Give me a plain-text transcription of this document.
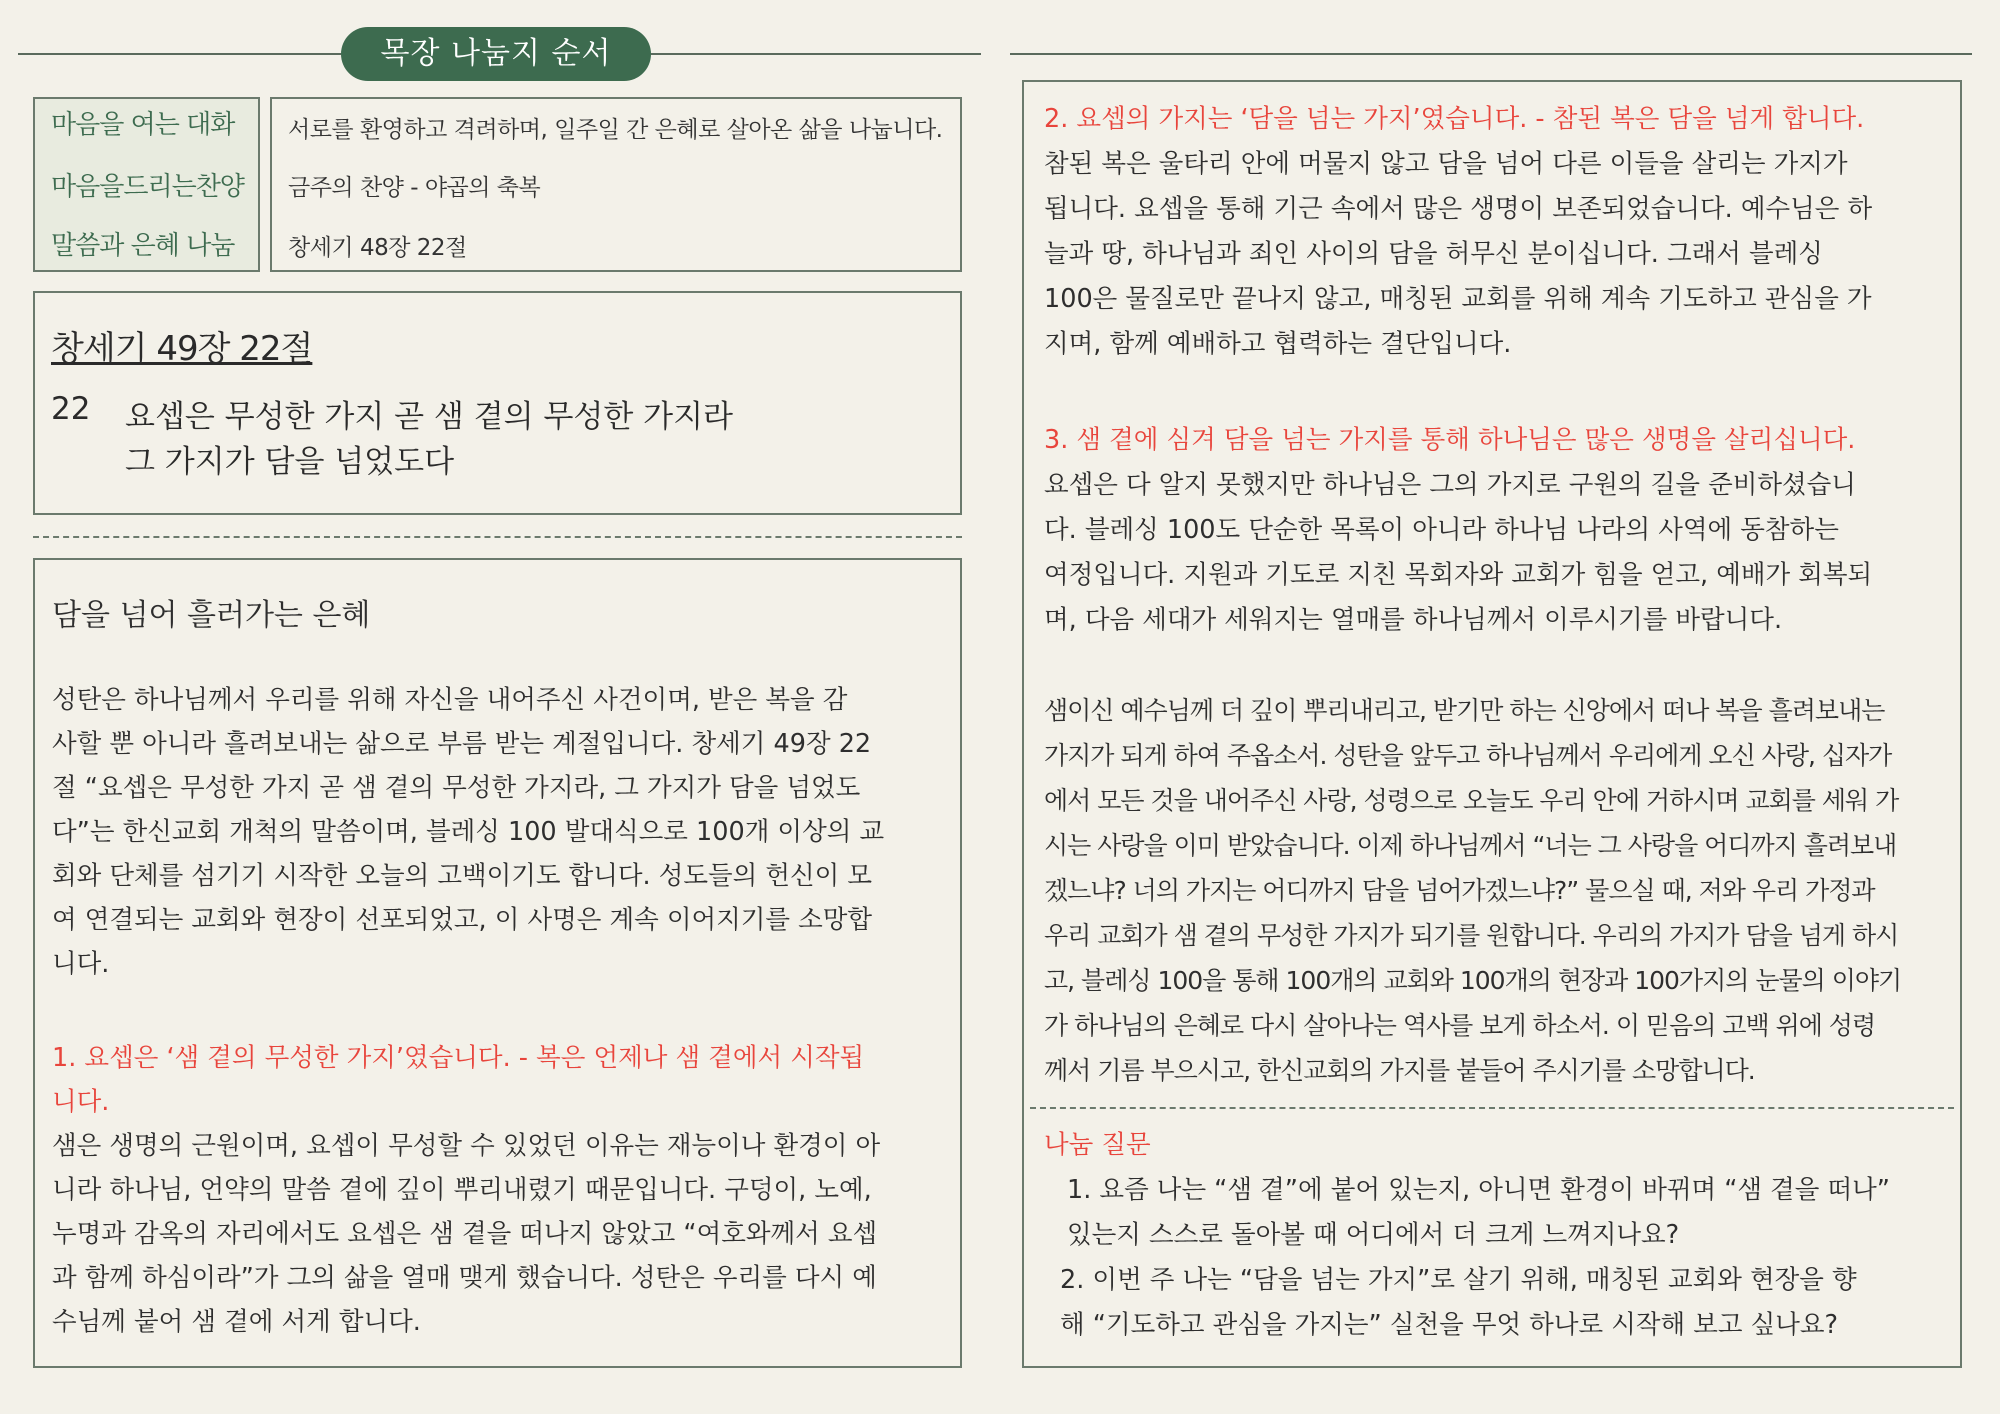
목장 나눔지 순서
마음을 여는 대화
마음을드리는찬양
말씀과 은혜 나눔
서로를 환영하고 격려하며, 일주일 간 은혜로 살아온 삶을 나눕니다.
금주의 찬양 - 야곱의 축복
창세기 48장 22절
창세기 49장 22절
22 요셉은 무성한 가지 곧 샘 곁의 무성한 가지라
그 가지가 담을 넘었도다
담을 넘어 흘러가는 은혜
성탄은 하나님께서 우리를 위해 자신을 내어주신 사건이며, 받은 복을 감
사할 뿐 아니라 흘려보내는 삶으로 부름 받는 계절입니다. 창세기 49장 22
절 “요셉은 무성한 가지 곧 샘 곁의 무성한 가지라, 그 가지가 담을 넘었도
다”는 한신교회 개척의 말씀이며, 블레싱 100 발대식으로 100개 이상의 교
회와 단체를 섬기기 시작한 오늘의 고백이기도 합니다. 성도들의 헌신이 모
여 연결되는 교회와 현장이 선포되었고, 이 사명은 계속 이어지기를 소망합
니다.
1. 요셉은 ‘샘 곁의 무성한 가지’였습니다. - 복은 언제나 샘 곁에서 시작됩
니다.
샘은 생명의 근원이며, 요셉이 무성할 수 있었던 이유는 재능이나 환경이 아
니라 하나님, 언약의 말씀 곁에 깊이 뿌리내렸기 때문입니다. 구덩이, 노예,
누명과 감옥의 자리에서도 요셉은 샘 곁을 떠나지 않았고 “여호와께서 요셉
과 함께 하심이라”가 그의 삶을 열매 맺게 했습니다. 성탄은 우리를 다시 예
수님께 붙어 샘 곁에 서게 합니다.
2. 요셉의 가지는 ‘담을 넘는 가지’였습니다. - 참된 복은 담을 넘게 합니다.
참된 복은 울타리 안에 머물지 않고 담을 넘어 다른 이들을 살리는 가지가
됩니다. 요셉을 통해 기근 속에서 많은 생명이 보존되었습니다. 예수님은 하
늘과 땅, 하나님과 죄인 사이의 담을 허무신 분이십니다. 그래서 블레싱
100은 물질로만 끝나지 않고, 매칭된 교회를 위해 계속 기도하고 관심을 가
지며, 함께 예배하고 협력하는 결단입니다.
3. 샘 곁에 심겨 담을 넘는 가지를 통해 하나님은 많은 생명을 살리십니다.
요셉은 다 알지 못했지만 하나님은 그의 가지로 구원의 길을 준비하셨습니
다. 블레싱 100도 단순한 목록이 아니라 하나님 나라의 사역에 동참하는
여정입니다. 지원과 기도로 지친 목회자와 교회가 힘을 얻고, 예배가 회복되
며, 다음 세대가 세워지는 열매를 하나님께서 이루시기를 바랍니다.
샘이신 예수님께 더 깊이 뿌리내리고, 받기만 하는 신앙에서 떠나 복을 흘려보내는
가지가 되게 하여 주옵소서. 성탄을 앞두고 하나님께서 우리에게 오신 사랑, 십자가
에서 모든 것을 내어주신 사랑, 성령으로 오늘도 우리 안에 거하시며 교회를 세워 가
시는 사랑을 이미 받았습니다. 이제 하나님께서 “너는 그 사랑을 어디까지 흘려보내
겠느냐? 너의 가지는 어디까지 담을 넘어가겠느냐?” 물으실 때, 저와 우리 가정과
우리 교회가 샘 곁의 무성한 가지가 되기를 원합니다. 우리의 가지가 담을 넘게 하시
고, 블레싱 100을 통해 100개의 교회와 100개의 현장과 100가지의 눈물의 이야기
가 하나님의 은혜로 다시 살아나는 역사를 보게 하소서. 이 믿음의 고백 위에 성령
께서 기름 부으시고, 한신교회의 가지를 붙들어 주시기를 소망합니다.
나눔 질문
1. 요즘 나는 “샘 곁”에 붙어 있는지, 아니면 환경이 바뀌며 “샘 곁을 떠나”
있는지 스스로 돌아볼 때 어디에서 더 크게 느껴지나요?
2. 이번 주 나는 “담을 넘는 가지”로 살기 위해, 매칭된 교회와 현장을 향
해 “기도하고 관심을 가지는” 실천을 무엇 하나로 시작해 보고 싶나요?
